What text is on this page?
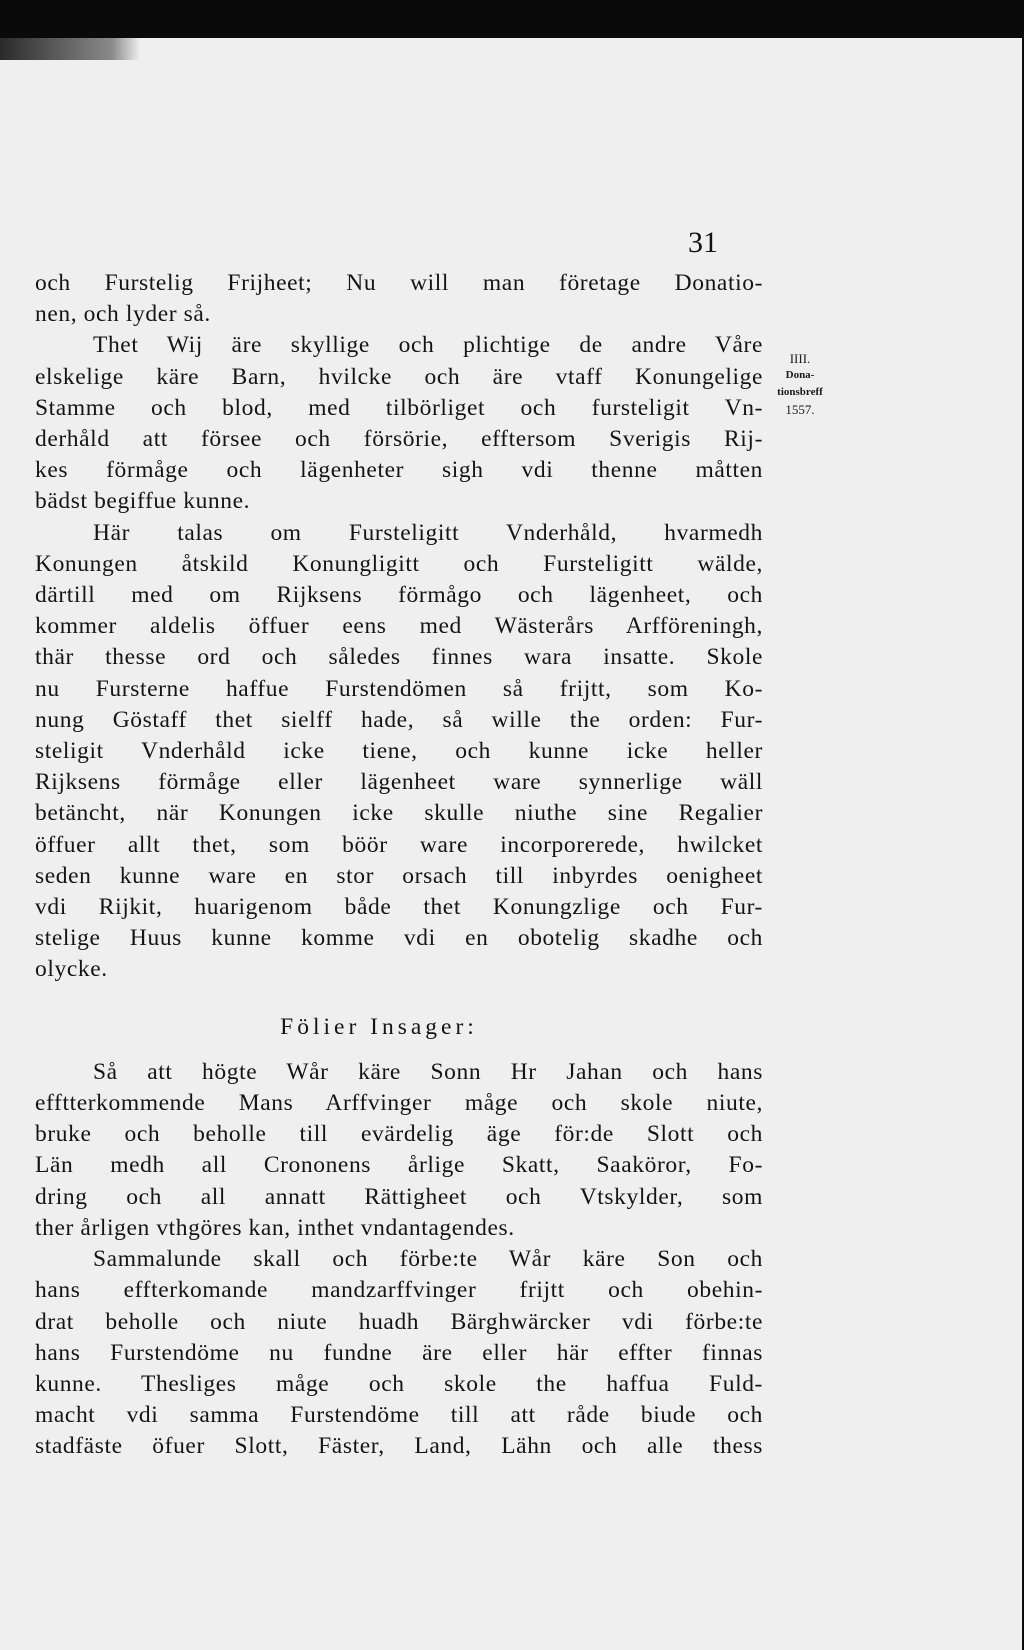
31
IIII.
Dona-
tionsbreff
1557.
och Furstelig Frijheet; Nu will man företage Donatio-
nen, och lyder så.
Thet Wij äre skyllige och plichtige de andre Våre
elskelige käre Barn, hvilcke och äre vtaff Konungelige
Stamme och blod, med tilbörliget och fursteligit Vn-
derhåld att försee och försörie, efftersom Sverigis Rij-
kes förmåge och lägenheter sigh vdi thenne måtten
bädst begiffue kunne.
Här talas om Fursteligitt Vnderhåld, hvarmedh
Konungen åtskild Konungligitt och Fursteligitt wälde,
därtill med om Rijksens förmågo och lägenheet, och
kommer aldelis öffuer eens med Wästerårs Arfföreningh,
thär thesse ord och således finnes wara insatte. Skole
nu Fursterne haffue Furstendömen så frijtt, som Ko-
nung Göstaff thet sielff hade, så wille the orden: Fur-
steligit Vnderhåld icke tiene, och kunne icke heller
Rijksens förmåge eller lägenheet ware synnerlige wäll
betäncht, när Konungen icke skulle niuthe sine Regalier
öffuer allt thet, som böör ware incorporerede, hwilcket
seden kunne ware en stor orsach till inbyrdes oenigheet
vdi Rijkit, huarigenom både thet Konungzlige och Fur-
stelige Huus kunne komme vdi en obotelig skadhe och
olycke.
Fölier Insager:
Så att högte Wår käre Sonn Hr Jahan och hans
efftterkommende Mans Arffvinger måge och skole niute,
bruke och beholle till evärdelig äge för:de Slott och
Län medh all Crononens årlige Skatt, Saaköror, Fo-
dring och all annatt Rättigheet och Vtskylder, som
ther årligen vthgöres kan, inthet vndantagendes.
Sammalunde skall och förbe:te Wår käre Son och
hans effterkomande mandzarffvinger frijtt och obehin-
drat beholle och niute huadh Bärghwärcker vdi förbe:te
hans Furstendöme nu fundne äre eller här effter finnas
kunne. Thesliges måge och skole the haffua Fuld-
macht vdi samma Furstendöme till att råde biude och
stadfäste öfuer Slott, Fäster, Land, Lähn och alle thess
